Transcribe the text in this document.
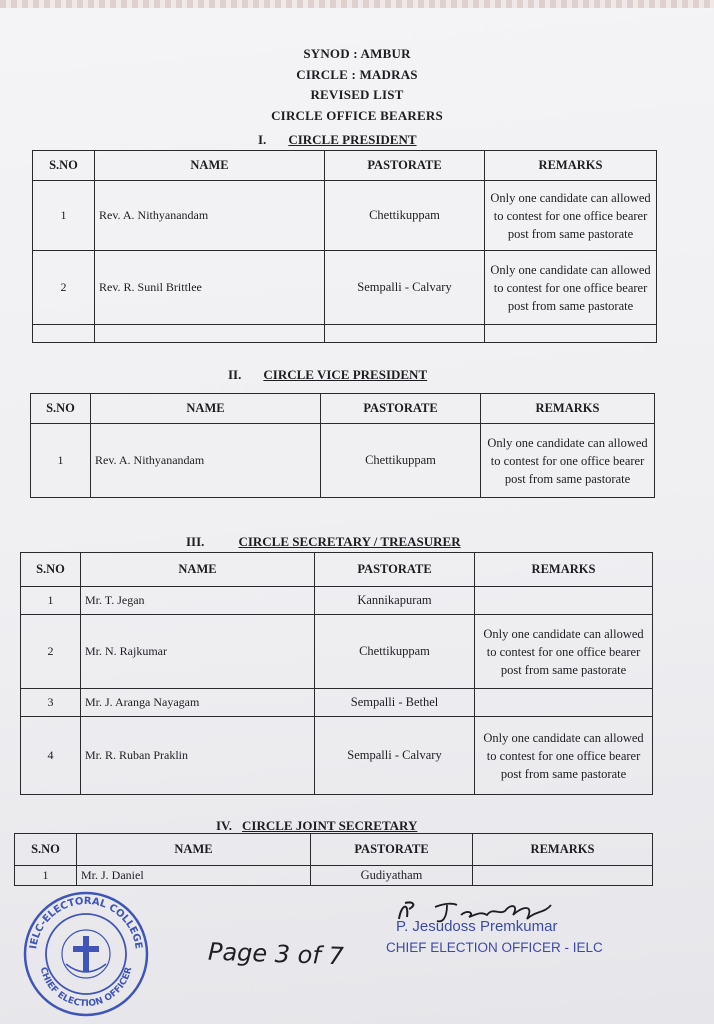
SYNOD : AMBUR
CIRCLE : MADRAS
REVISED LIST
CIRCLE OFFICE BEARERS
I. CIRCLE PRESIDENT
S.NO	NAME	PASTORATE	REMARKS
1	Rev. A. Nithyanandam	Chettikuppam	Only one candidate can allowed to contest for one office bearer post from same pastorate
2	Rev. R. Sunil Brittlee	Sempalli - Calvary	Only one candidate can allowed to contest for one office bearer post from same pastorate

II. CIRCLE VICE PRESIDENT
S.NO	NAME	PASTORATE	REMARKS
1	Rev. A. Nithyanandam	Chettikuppam	Only one candidate can allowed to contest for one office bearer post from same pastorate
III.	CIRCLE SECRETARY / TREASURER
S.NO	NAME	PASTORATE	REMARKS
1	Mr. T. Jegan	Kannikapuram	
2	Mr. N. Rajkumar	Chettikuppam	Only one candidate can allowed to contest for one office bearer post from same pastorate
3	Mr. J. Aranga Nayagam	Sempalli - Bethel	
4	Mr. R. Ruban Praklin	Sempalli - Calvary	Only one candidate can allowed to contest for one office bearer post from same pastorate
IV. CIRCLE JOINT SECRETARY
S.NO	NAME	PASTORATE	REMARKS
1	Mr. J. Daniel	Gudiyatham	
IELC-ELECTORAL COLLEGE
CHIEF ELECTION OFFICER
Page 3 of 7
P. Jesudoss Premkumar
CHIEF ELECTION OFFICER - IELC
